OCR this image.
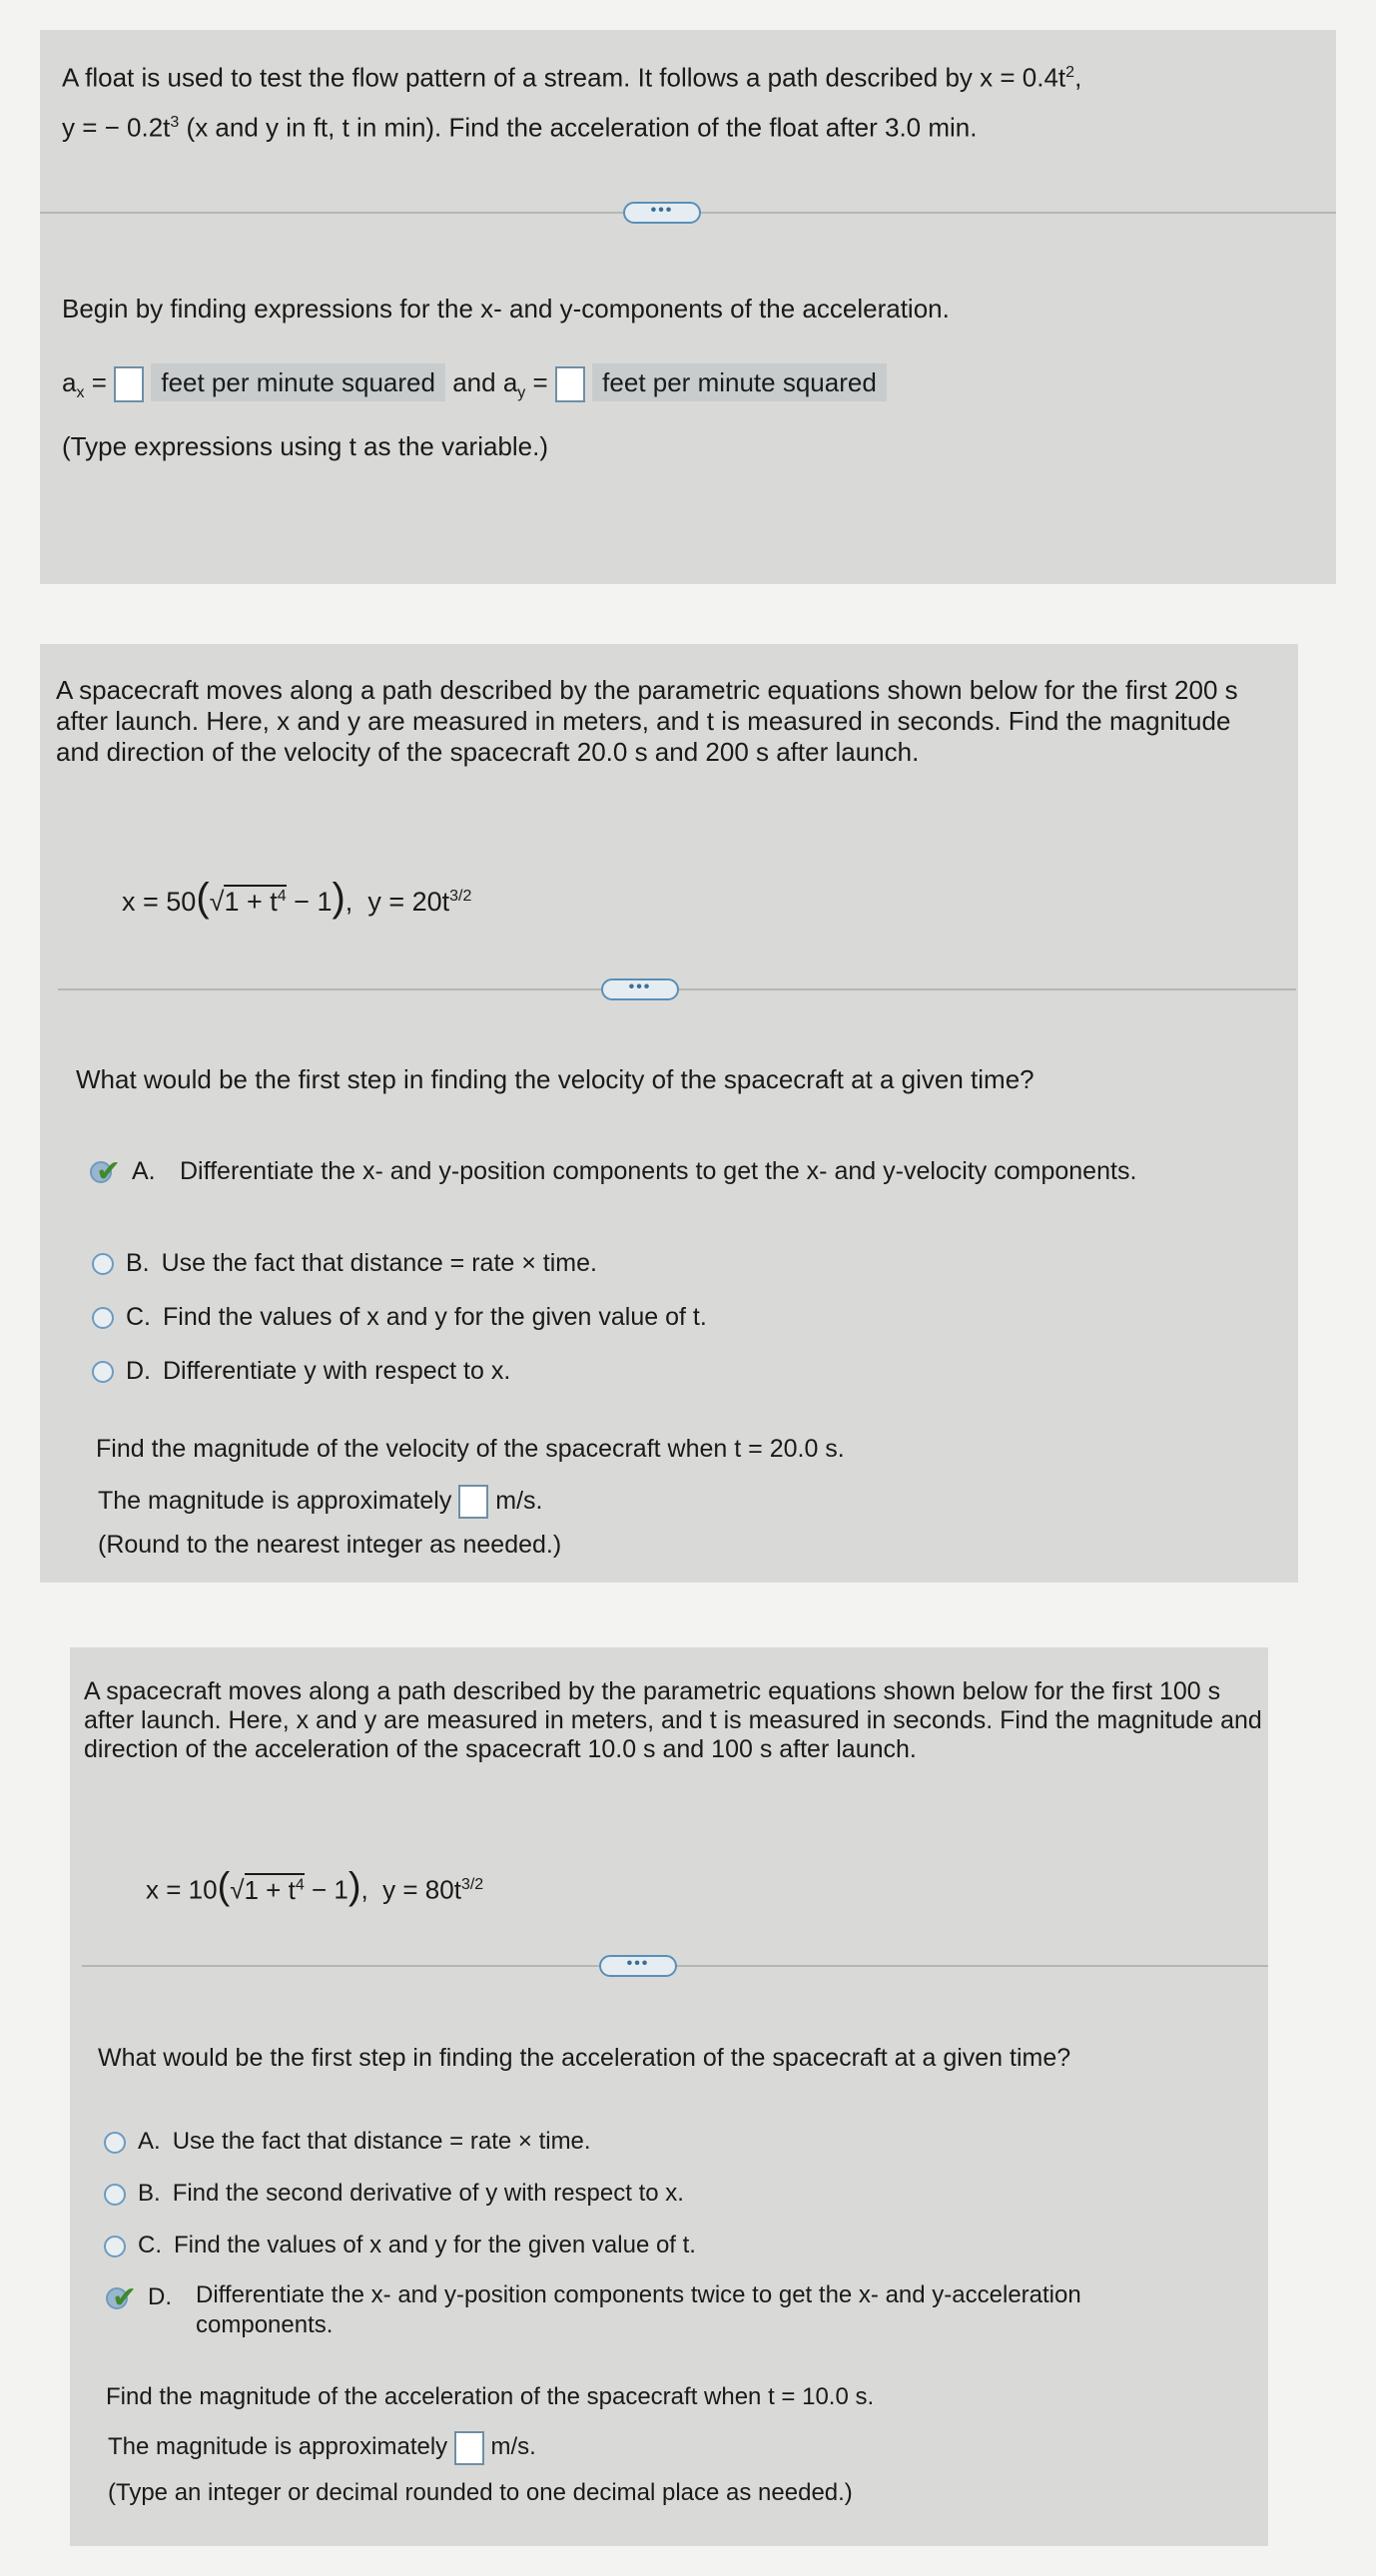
A float is used to test the flow pattern of a stream. It follows a path described by $x = 0.4t^2$,
y = − $0.2t^3$ (x and y in ft, t in min). Find the acceleration of the float after 3.0 min.
•••
Begin by finding expressions for the x- and y-components of the acceleration.
$a_x$ =  feet per minute squared and $a_y$ =  feet per minute squared
(Type expressions using t as the variable.)
A spacecraft moves along a path described by the parametric equations shown below for the first 200 s after launch. Here, x and y are measured in meters, and t is measured in seconds. Find the magnitude and direction of the velocity of the spacecraft 20.0 s and 200 s after launch.
$x = 50(√1 + t^4 - 1)$,  $y = 20t^{3/2}$
•••
What would be the first step in finding the velocity of the spacecraft at a given time?
✔ A. Differentiate the x- and y-position components to get the x- and y-velocity components.
B. Use the fact that distance = rate × time.
C. Find the values of x and y for the given value of t.
D. Differentiate y with respect to x.
Find the magnitude of the velocity of the spacecraft when t = 20.0 s.
The magnitude is approximately m/s.
(Round to the nearest integer as needed.)
A spacecraft moves along a path described by the parametric equations shown below for the first 100 s after launch. Here, x and y are measured in meters, and t is measured in seconds. Find the magnitude and direction of the acceleration of the spacecraft 10.0 s and 100 s after launch.
$x = 10(√1 + t^4 - 1)$,  $y = 80t^{3/2}$
•••
What would be the first step in finding the acceleration of the spacecraft at a given time?
A. Use the fact that distance = rate × time.
B. Find the second derivative of y with respect to x.
C. Find the values of x and y for the given value of t.
✔ D.	Differentiate the x- and y-position components twice to get the x- and y-acceleration components.
Find the magnitude of the acceleration of the spacecraft when t = 10.0 s.
The magnitude is approximately m/s.
(Type an integer or decimal rounded to one decimal place as needed.)
